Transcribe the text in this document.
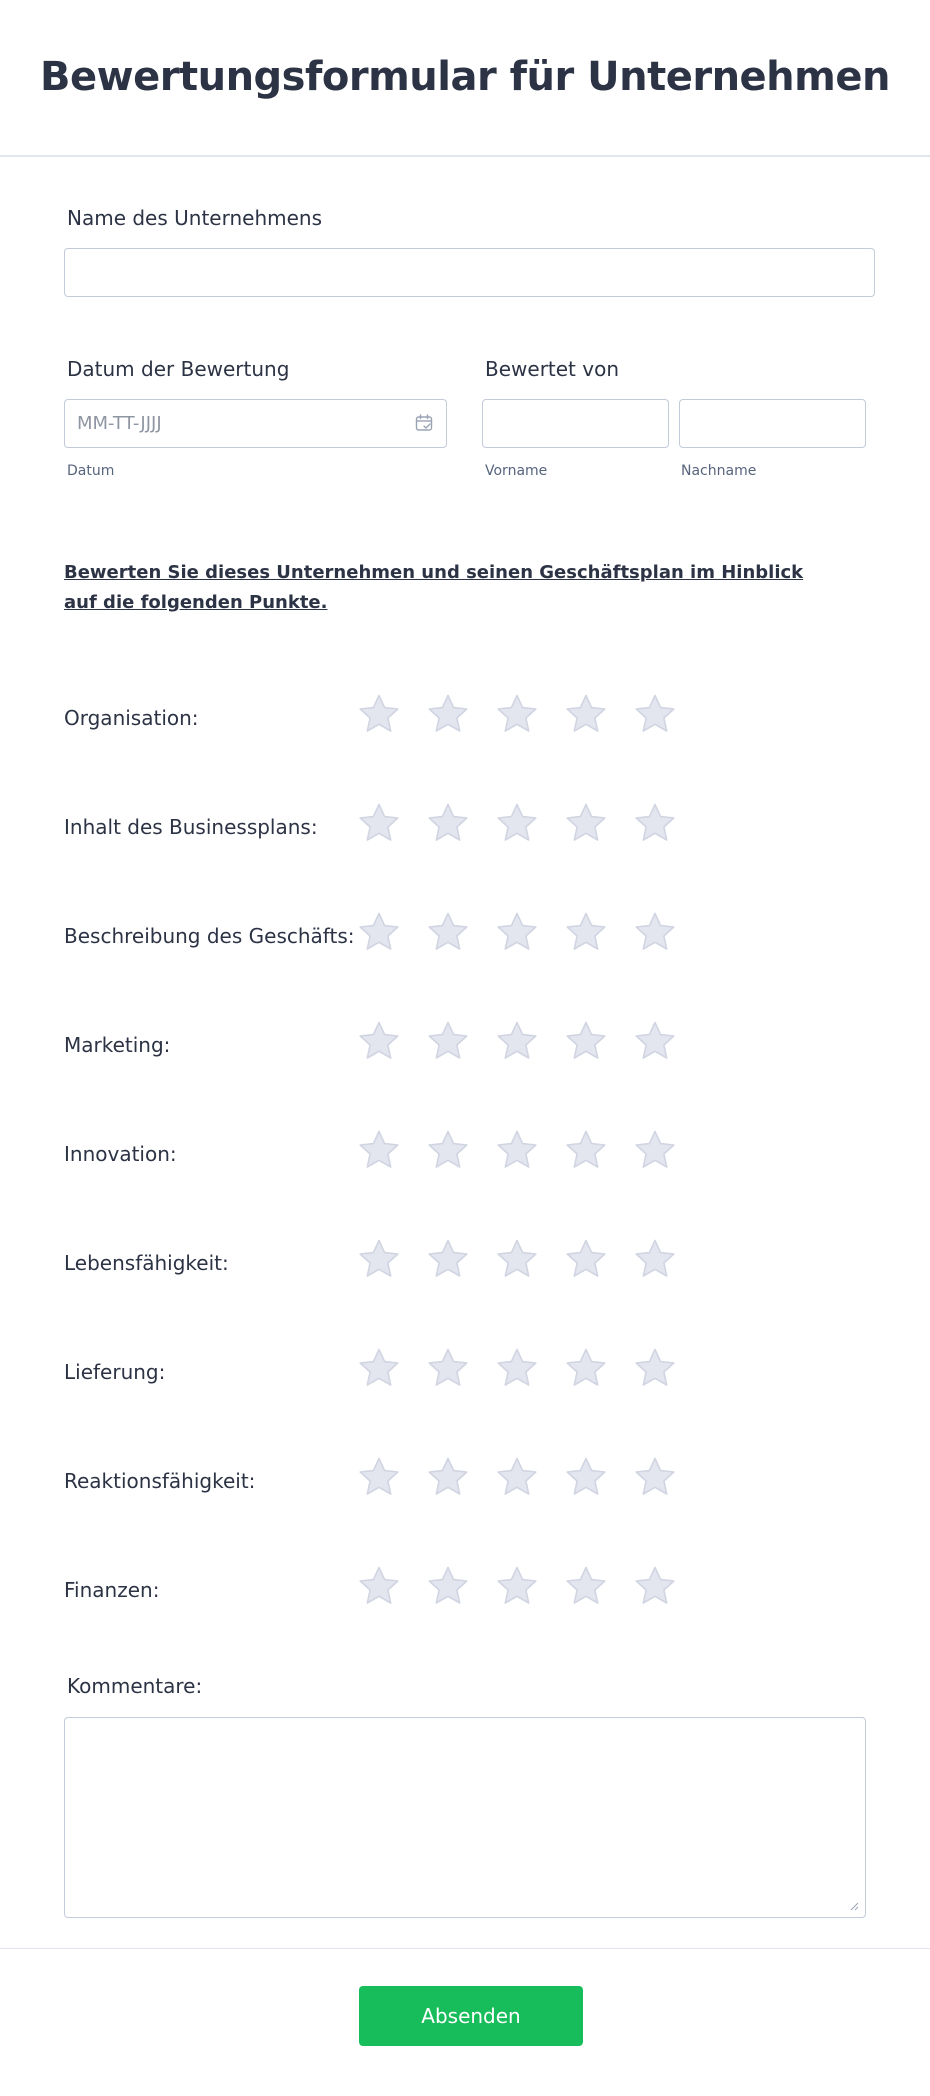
Bewertungsformular für Unternehmen
Name des Unternehmens
Datum der Bewertung
MM-TT-JJJJ
Datum
Bewertet von
Vorname	Nachname
Bewerten Sie dieses Unternehmen und seinen Geschäftsplan im Hinblick auf die folgenden Punkte.
Organisation:
Inhalt des Businessplans:
Beschreibung des Geschäfts:
Marketing:
Innovation:
Lebensfähigkeit:
Lieferung:
Reaktionsfähigkeit:
Finanzen:
Kommentare:
Absenden
